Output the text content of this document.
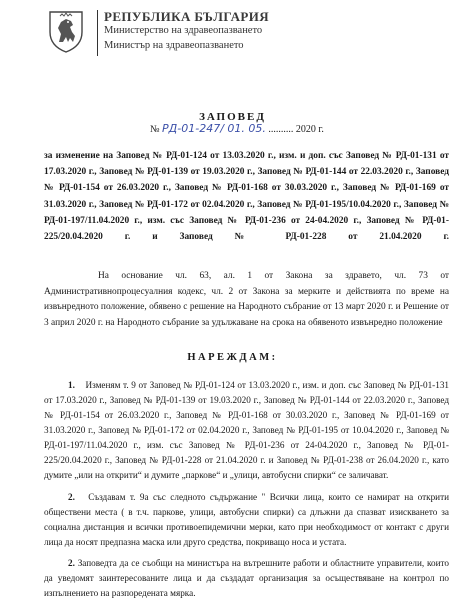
РЕПУБЛИКА БЪЛГАРИЯ
Министерство на здравеопазването
Министър на здравеопазването
ЗАПОВЕД
№ РД-01-247/ 01. 05. .......... 2020 г.
за изменение на Заповед № РД-01-124 от 13.03.2020 г., изм. и доп. със Заповед № РД-01-131 от 17.03.2020 г., Заповед № РД-01-139 от 19.03.2020 г., Заповед № РД-01-144 от 22.03.2020 г., Заповед № РД-01-154 от 26.03.2020 г., Заповед № РД-01-168 от 30.03.2020 г., Заповед № РД-01-169 от 31.03.2020 г., Заповед № РД-01-172 от 02.04.2020 г., Заповед № РД-01-195/10.04.2020 г., Заповед № РД-01-197/11.04.2020 г., изм. със Заповед № РД-01-236 от 24-04.2020 г., Заповед № РД-01-225/20.04.2020 г. и Заповед № РД-01-228 от 21.04.2020 г.
На основание чл. 63, ал. 1 от Закона за здравето, чл. 73 от Административнопроцесуалния кодекс, чл. 2 от Закона за мерките и действията по време на извънредното положение, обявено с решение на Народното събрание от 13 март 2020 г. и Решение от 3 април 2020 г. на Народното събрание за удължаване на срока на обявеното извънредно положение
НАРЕЖДАМ:
1. Изменям т. 9 от Заповед № РД-01-124 от 13.03.2020 г., изм. и доп. със Заповед № РД-01-131 от 17.03.2020 г., Заповед № РД-01-139 от 19.03.2020 г., Заповед № РД-01-144 от 22.03.2020 г., Заповед № РД-01-154 от 26.03.2020 г., Заповед № РД-01-168 от 30.03.2020 г., Заповед № РД-01-169 от 31.03.2020 г., Заповед № РД-01-172 от 02.04.2020 г., Заповед № РД-01-195 от 10.04.2020 г., Заповед № РД-01-197/11.04.2020 г., изм. със Заповед № РД-01-236 от 24-04.2020 г., Заповед № РД-01-225/20.04.2020 г., Заповед № РД-01-228 от 21.04.2020 г. и Заповед № РД-01-238 от 26.04.2020 г., като думите „или на открити“ и думите „паркове“ и „улици, автобусни спирки“ се заличават.
2. Създавам т. 9а със следното съдържание " Всички лица, които се намират на открити обществени места ( в т.ч. паркове, улици, автобусни спирки) са длъжни да спазват изискването за социална дистанция и всички противоепидемични мерки, като при необходимост от контакт с други лица да носят предпазна маска или друго средства, покриващо носа и устата.
2. Заповедта да се съобщи на министъра на вътрешните работи и областните управители, които да уведомят заинтересованите лица и да създадат организация за осъществяване на контрол по изпълнението на разпоредената мярка.
